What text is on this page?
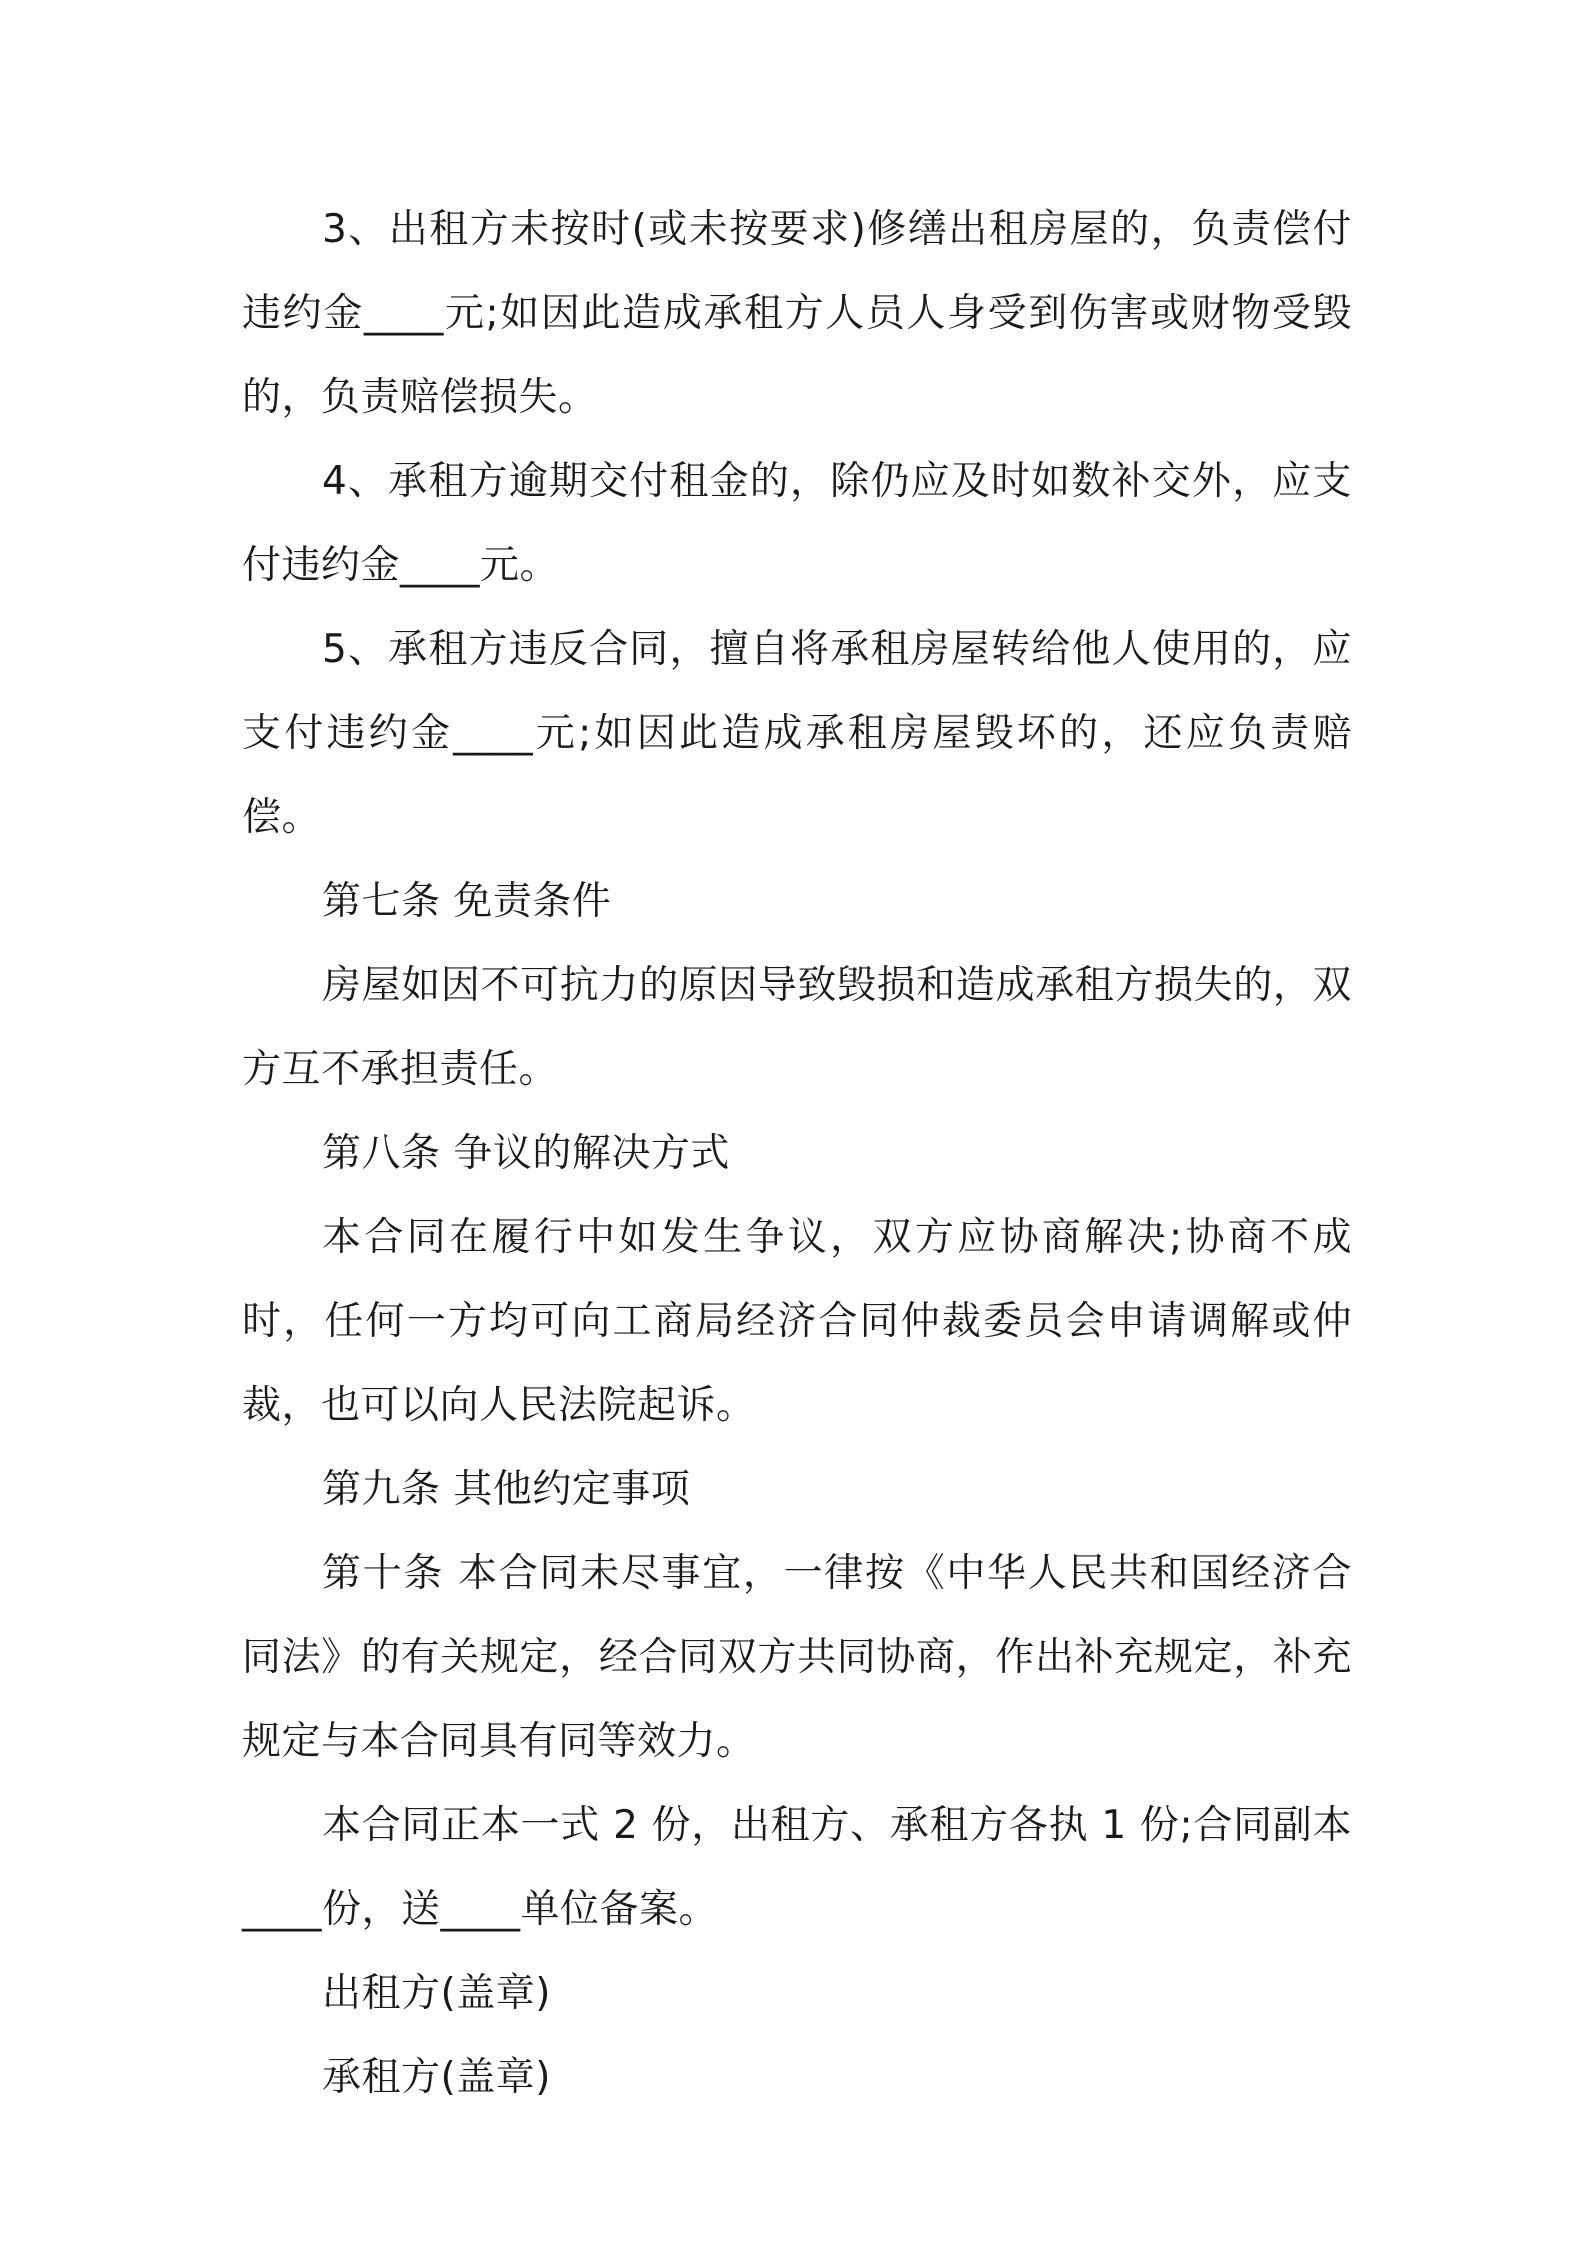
3、出租方未按时(或未按要求)修缮出租房屋的，负责偿付违约金____元;如因此造成承租方人员人身受到伤害或财物受毁的，负责赔偿损失。

4、承租方逾期交付租金的，除仍应及时如数补交外，应支付违约金____元。

5、承租方违反合同，擅自将承租房屋转给他人使用的，应支付违约金____元;如因此造成承租房屋毁坏的，还应负责赔偿。

第七条 免责条件

房屋如因不可抗力的原因导致毁损和造成承租方损失的，双方互不承担责任。

第八条 争议的解决方式

本合同在履行中如发生争议，双方应协商解决;协商不成时，任何一方均可向工商局经济合同仲裁委员会申请调解或仲裁，也可以向人民法院起诉。

第九条 其他约定事项

第十条 本合同未尽事宜，一律按《中华人民共和国经济合同法》的有关规定，经合同双方共同协商，作出补充规定，补充规定与本合同具有同等效力。

本合同正本一式 2 份，出租方、承租方各执 1 份;合同副本____份，送____单位备案。

出租方(盖章)

承租方(盖章)
